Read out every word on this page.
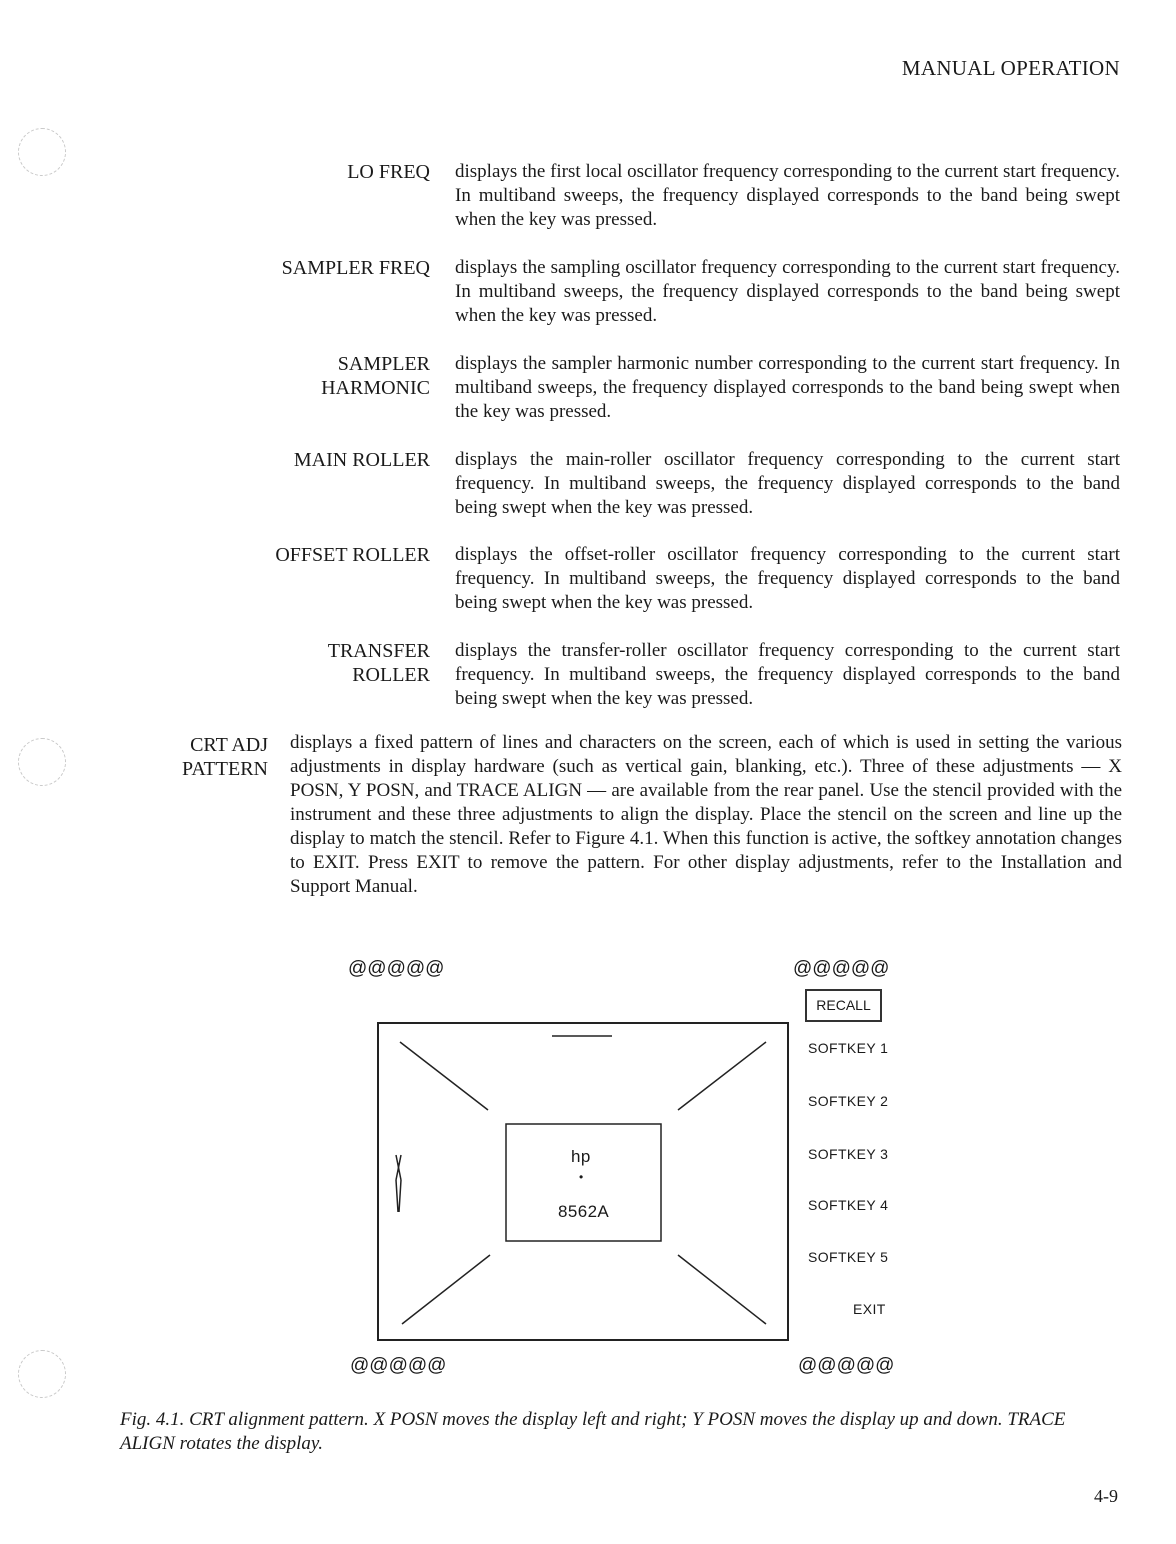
MANUAL OPERATION
LO FREQ displays the first local oscillator frequency corresponding to the current start frequency. In multiband sweeps, the frequency displayed corresponds to the band being swept when the key was pressed.
SAMPLER FREQ displays the sampling oscillator frequency corresponding to the current start frequency. In multiband sweeps, the frequency displayed corresponds to the band being swept when the key was pressed.
SAMPLER HARMONIC
displays the sampler harmonic number corresponding to the current start frequency. In multiband sweeps, the frequency displayed corresponds to the band being swept when the key was pressed.
MAIN ROLLER displays the main-roller oscillator frequency corresponding to the current start frequency. In multiband sweeps, the frequency displayed corresponds to the band being swept when the key was pressed.
OFFSET ROLLER displays the offset-roller oscillator frequency corresponding to the current start frequency. In multiband sweeps, the frequency displayed corresponds to the band being swept when the key was pressed.
TRANSFER ROLLER
displays the transfer-roller oscillator frequency corresponding to the current start frequency. In multiband sweeps, the frequency displayed corresponds to the band being swept when the key was pressed.
CRT ADJ PATTERN
displays a fixed pattern of lines and characters on the screen, each of which is used in setting the various adjustments in display hardware (such as vertical gain, blanking, etc.). Three of these adjustments — X POSN, Y POSN, and TRACE ALIGN — are available from the rear panel. Use the stencil provided with the instrument and these three adjustments to align the display. Place the stencil on the screen and line up the display to match the stencil. Refer to Figure 4.1. When this function is active, the softkey annotation changes to EXIT. Press EXIT to remove the pattern. For other display adjustments, refer to the Installation and Support Manual.
@@@@@	@@@@@
@@@@@	@@@@@
RECALL
SOFTKEY 1
SOFTKEY 2
SOFTKEY 3
SOFTKEY 4
SOFTKEY 5
EXIT
hp
•
8562A
Fig. 4.1. CRT alignment pattern. X POSN moves the display left and right; Y POSN moves the display up and down. TRACE ALIGN rotates the display.
4-9
